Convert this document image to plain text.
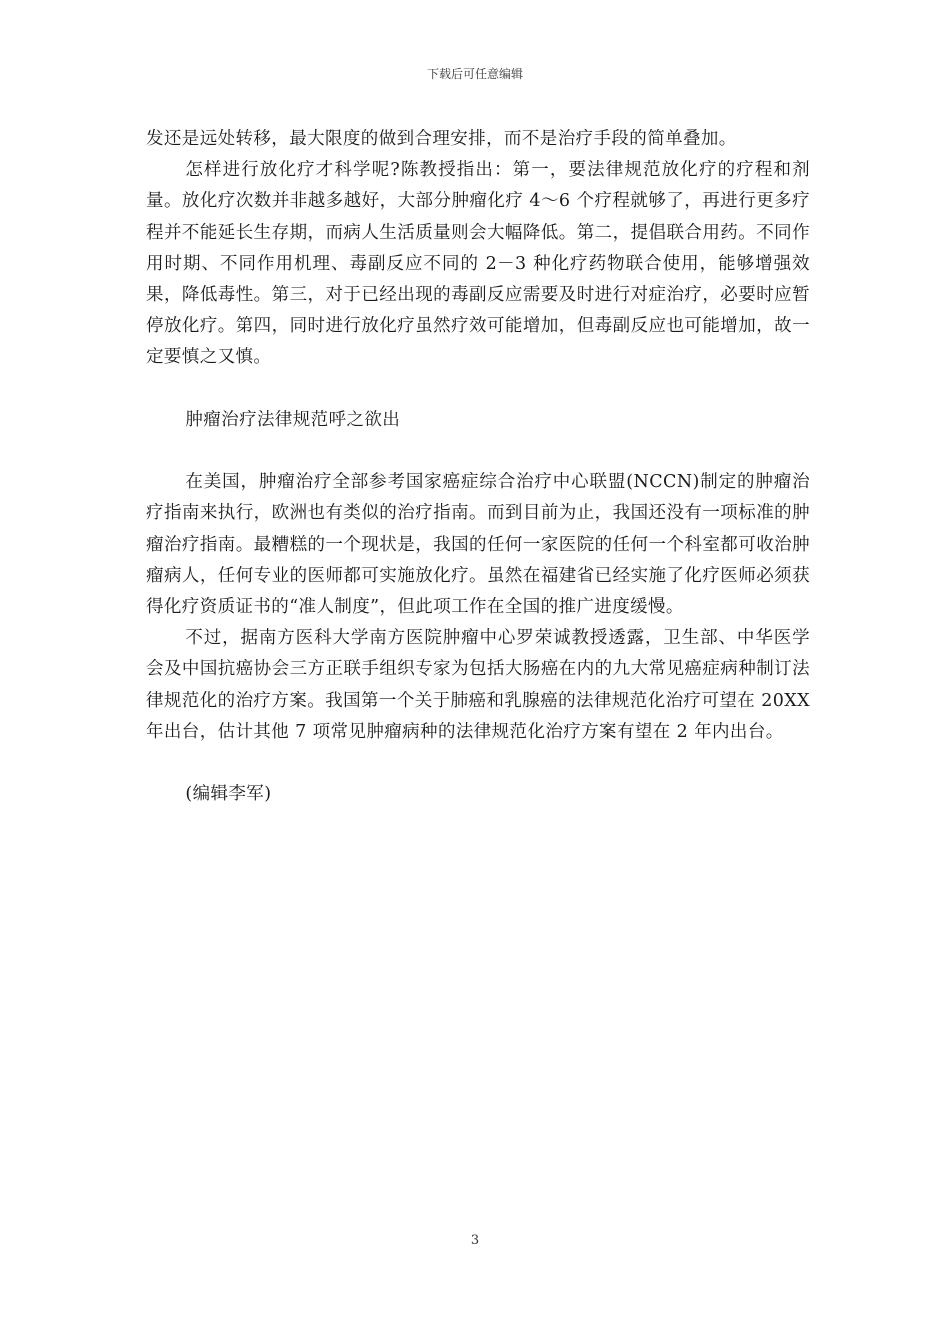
下载后可任意编辑

发还是远处转移，最大限度的做到合理安排，而不是治疗手段的简单叠加。

怎样进行放化疗才科学呢?陈教授指出：第一，要法律规范放化疗的疗程和剂量。放化疗次数并非越多越好，大部分肿瘤化疗 4～6 个疗程就够了，再进行更多疗程并不能延长生存期，而病人生活质量则会大幅降低。第二，提倡联合用药。不同作用时期、不同作用机理、毒副反应不同的 2－3 种化疗药物联合使用，能够增强效果，降低毒性。第三，对于已经出现的毒副反应需要及时进行对症治疗，必要时应暂停放化疗。第四，同时进行放化疗虽然疗效可能增加，但毒副反应也可能增加，故一定要慎之又慎。

肿瘤治疗法律规范呼之欲出

在美国，肿瘤治疗全部参考国家癌症综合治疗中心联盟(NCCN)制定的肿瘤治疗指南来执行，欧洲也有类似的治疗指南。而到目前为止，我国还没有一项标准的肿瘤治疗指南。最糟糕的一个现状是，我国的任何一家医院的任何一个科室都可收治肿瘤病人，任何专业的医师都可实施放化疗。虽然在福建省已经实施了化疗医师必须获得化疗资质证书的“准人制度”，但此项工作在全国的推广进度缓慢。

不过，据南方医科大学南方医院肿瘤中心罗荣诚教授透露，卫生部、中华医学会及中国抗癌协会三方正联手组织专家为包括大肠癌在内的九大常见癌症病种制订法律规范化的治疗方案。我国第一个关于肺癌和乳腺癌的法律规范化治疗可望在 20XX 年出台，估计其他 7 项常见肿瘤病种的法律规范化治疗方案有望在 2 年内出台。

(编辑李军)

3
